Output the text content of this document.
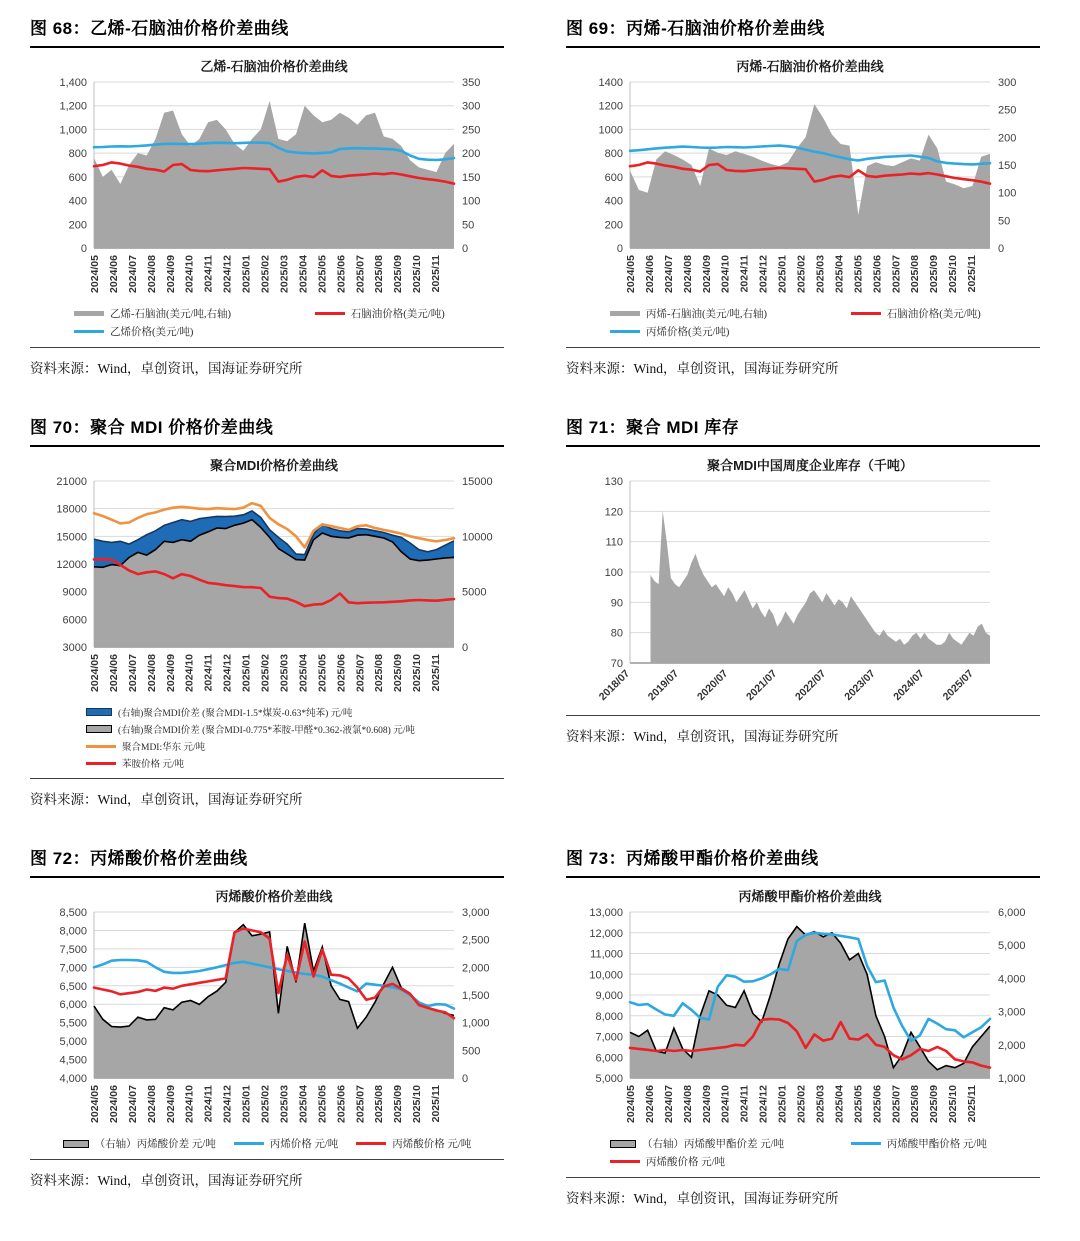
图 68：乙烯-石脑油价格价差曲线
乙烯-石脑油价格价差曲线
1,400
1,200
1,000
800
600
400
200
0
350
300
250
200
150
100
50
0
2024/05 2024/06 2024/07 2024/08 2024/09 2024/10 2024/11 2024/12 2025/01 2025/02 2025/03 2025/04 2025/05 2025/06 2025/07 2025/08 2025/09 2025/10 2025/11
乙烯-石脑油(美元/吨,右轴)	石脑油价格(美元/吨)
乙烯价格(美元/吨)
资料来源：Wind，卓创资讯，国海证券研究所
图 69：丙烯-石脑油价格价差曲线
丙烯-石脑油价格价差曲线
1400
1200
1000
800
600
400
200
0
300
250
200
150
100
50
0
2024/05 2024/06 2024/07 2024/08 2024/09 2024/10 2024/11 2024/12 2025/01 2025/02 2025/03 2025/04 2025/05 2025/06 2025/07 2025/08 2025/09 2025/10 2025/11
丙烯-石脑油(美元/吨,右轴)	石脑油价格(美元/吨)
丙烯价格(美元/吨)
资料来源：Wind，卓创资讯，国海证券研究所
图 70：聚合 MDI 价格价差曲线
聚合MDI价格价差曲线
21000
18000
15000
12000
9000
6000
3000
15000
10000
5000
0
2024/05 2024/06 2024/07 2024/08 2024/09 2024/10 2024/11 2024/12 2025/01 2025/02 2025/03 2025/04 2025/05 2025/06 2025/07 2025/08 2025/09 2025/10 2025/11
(右轴)聚合MDI价差 (聚合MDI-1.5*煤炭-0.63*纯苯) 元/吨
(右轴)聚合MDI价差 (聚合MDI-0.775*苯胺-甲醛*0.362-液氯*0.608) 元/吨
聚合MDI:华东 元/吨
苯胺价格 元/吨
资料来源：Wind，卓创资讯，国海证券研究所
图 71：聚合 MDI 库存
聚合MDI中国周度企业库存（千吨）
130
120
110
100
90
80
70
2018/07 2019/07 2020/07 2021/07 2022/07 2023/07 2024/07 2025/07
资料来源：Wind，卓创资讯，国海证券研究所
图 72：丙烯酸价格价差曲线
丙烯酸价格价差曲线
8,500
8,000
7,500
7,000
6,500
6,000
5,500
5,000
4,500
4,000
3,000
2,500
2,000
1,500
1,000
500
0
2024/05 2024/06 2024/07 2024/08 2024/09 2024/10 2024/11 2024/12 2025/01 2025/02 2025/03 2025/04 2025/05 2025/06 2025/07 2025/08 2025/09 2025/10 2025/11
（右轴）丙烯酸价差 元/吨	丙烯价格 元/吨	丙烯酸价格 元/吨
资料来源：Wind，卓创资讯，国海证券研究所
图 73：丙烯酸甲酯价格价差曲线
丙烯酸甲酯价格价差曲线
13,000
12,000
11,000
10,000
9,000
8,000
7,000
6,000
5,000
6,000
5,000
4,000
3,000
2,000
1,000
2024/05 2024/06 2024/07 2024/08 2024/09 2024/10 2024/11 2024/12 2025/01 2025/02 2025/03 2025/04 2025/05 2025/06 2025/07 2025/08 2025/09 2025/10 2025/11
（右轴）丙烯酸甲酯价差 元/吨	丙烯酸甲酯价格 元/吨
丙烯酸价格 元/吨
资料来源：Wind，卓创资讯，国海证券研究所
